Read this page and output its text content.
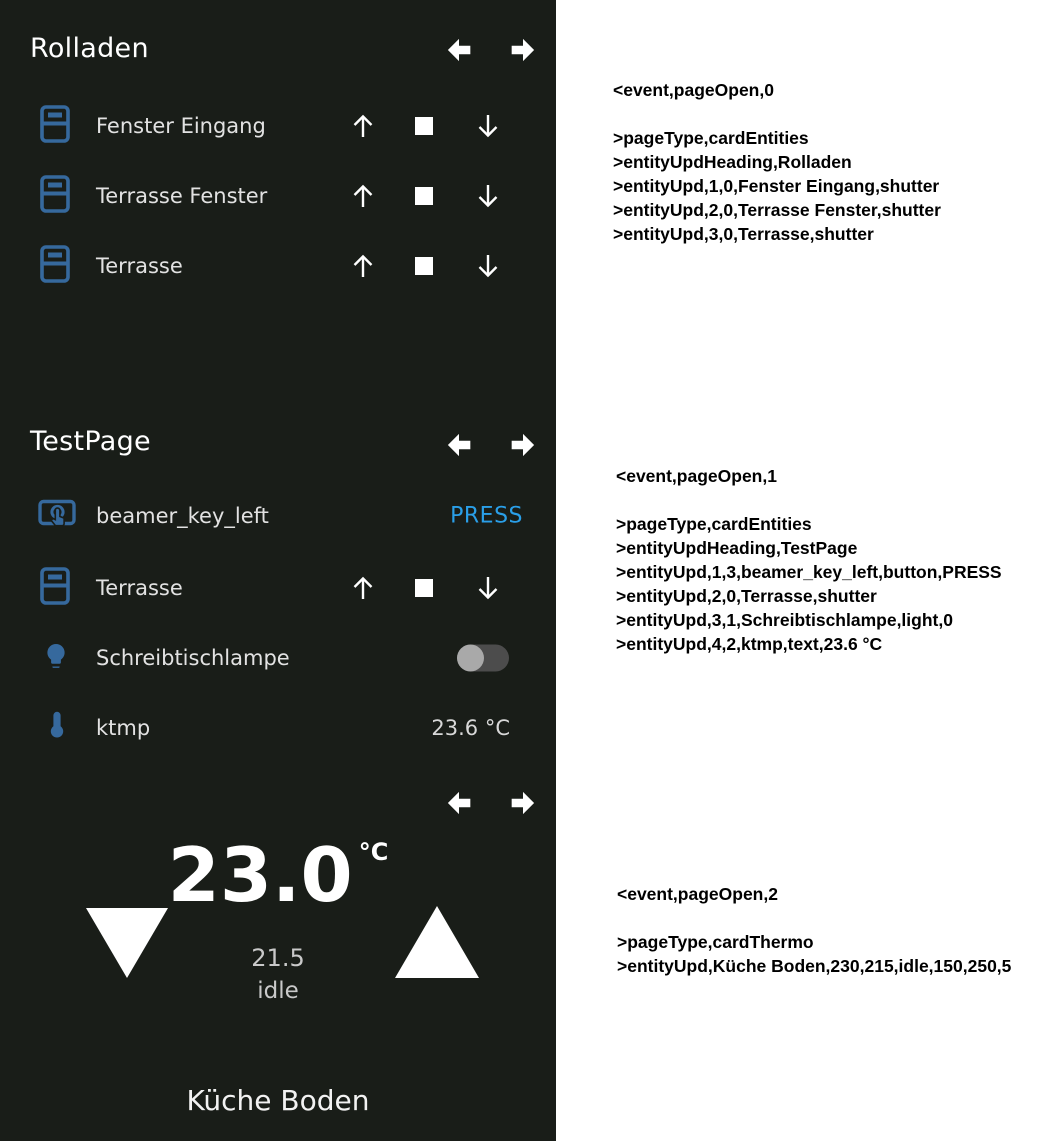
Rolladen
Fenster Eingang
Terrasse Fenster
Terrasse
TestPage
beamer_key_left	PRESS
Terrasse
Schreibtischlampe
ktmp	23.6 °C
23.0 °C
21.5
idle
Küche Boden
<event,pageOpen,0
>pageType,cardEntities
>entityUpdHeading,Rolladen
>entityUpd,1,0,Fenster Eingang,shutter
>entityUpd,2,0,Terrasse Fenster,shutter
>entityUpd,3,0,Terrasse,shutter
<event,pageOpen,1
>pageType,cardEntities
>entityUpdHeading,TestPage
>entityUpd,1,3,beamer_key_left,button,PRESS
>entityUpd,2,0,Terrasse,shutter
>entityUpd,3,1,Schreibtischlampe,light,0
>entityUpd,4,2,ktmp,text,23.6 °C
<event,pageOpen,2
>pageType,cardThermo
>entityUpd,Küche Boden,230,215,idle,150,250,5
